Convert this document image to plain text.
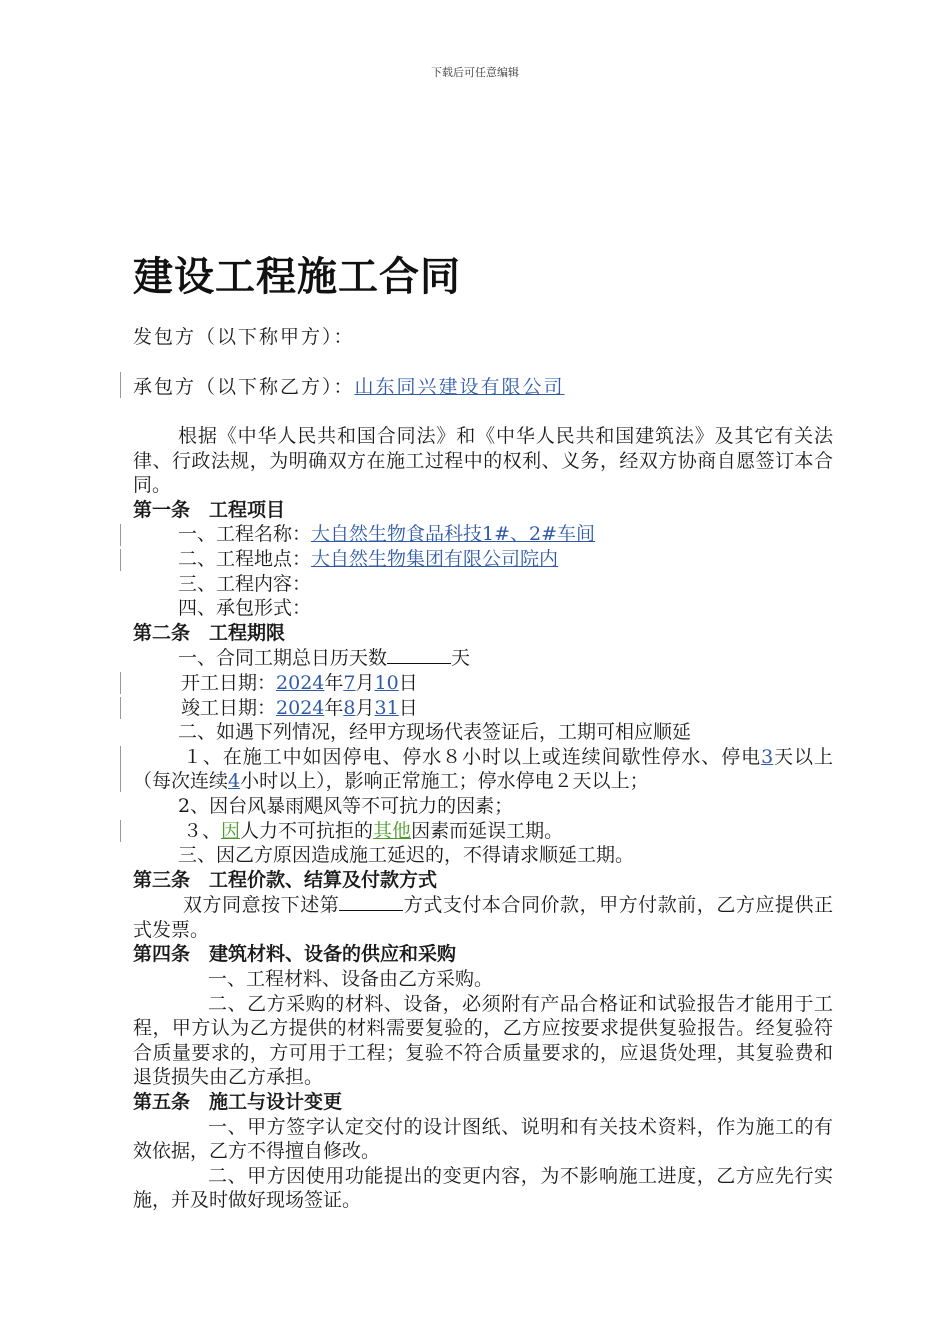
下载后可任意编辑
建设工程施工合同
发包方（以下称甲方）：
承包方（以下称乙方）：山东同兴建设有限公司

根据《中华人民共和国合同法》和《中华人民共和国建筑法》及其它有关法律、行政法规，为明确双方在施工过程中的权利、义务，经双方协商自愿签订本合同。

第一条　工程项目

一、工程名称：大自然生物食品科技1#、2#车间

二、工程地点：大自然生物集团有限公司院内

三、工程内容：

四、承包形式：

第二条　工程期限

一、合同工期总日历天数	天

开工日期：2024年7月10日

竣工日期：2024年8月31日

二、如遇下列情况，经甲方现场代表签证后，工期可相应顺延

１、在施工中如因停电、停水８小时以上或连续间歇性停水、停电3天以上（每次连续4小时以上），影响正常施工；停水停电２天以上；

2、因台风暴雨飓风等不可抗力的因素；

３、因人力不可抗拒的其他因素而延误工期。

三、因乙方原因造成施工延迟的，不得请求顺延工期。

第三条　工程价款、结算及付款方式

双方同意按下述第	方式支付本合同价款，甲方付款前，乙方应提供正式发票。

第四条　建筑材料、设备的供应和采购

一、工程材料、设备由乙方采购。

二、乙方采购的材料、设备，必须附有产品合格证和试验报告才能用于工程，甲方认为乙方提供的材料需要复验的，乙方应按要求提供复验报告。经复验符合质量要求的，方可用于工程；复验不符合质量要求的，应退货处理，其复验费和退货损失由乙方承担。

第五条　施工与设计变更

一、甲方签字认定交付的设计图纸、说明和有关技术资料，作为施工的有效依据，乙方不得擅自修改。

二、甲方因使用功能提出的变更内容，为不影响施工进度，乙方应先行实施，并及时做好现场签证。
